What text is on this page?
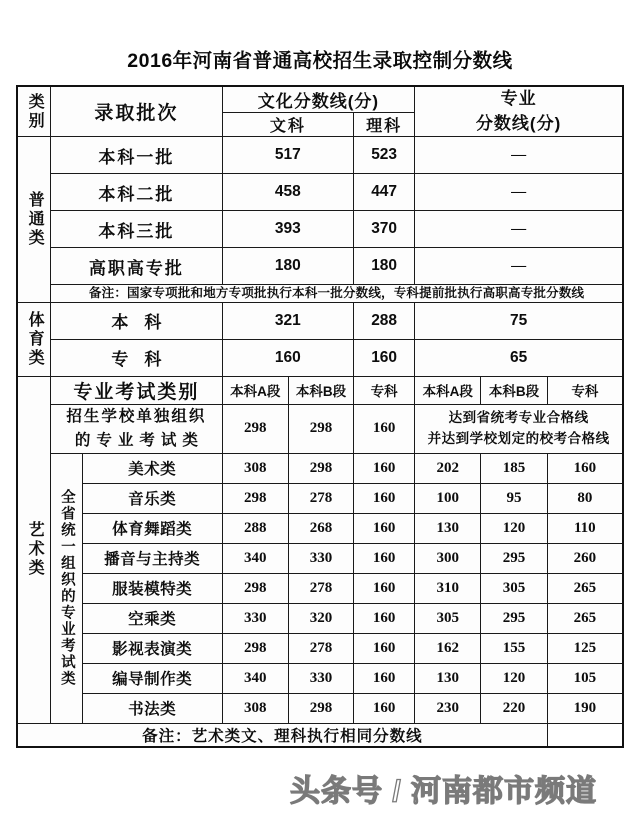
2016年河南省普通高校招生录取控制分数线
类别	录取批次		文化分数线(分)			专业
分数线(分)		
			文科		理科			

普通类	本科一批		517		523	—		
	本科二批		458		447	—		
	本科三批		393		370	—		
	高职高专批		180		180	—		
	备注：国家专项批和地方专项批执行本科一批分数线，专科提前批执行高职高专批分数线							

体育类	本科		321		288	75		
	专科		160		160	65		

艺术类	专业考试类别		本科A段	本科B段	专科	本科A段	本科B段	专科
	招生学校单独组织
的专业考试类		298	298	160	达到省统考专业合格线
并达到学校划定的校考合格线		

	全省统一组织的专业考试类	美术类	308	298	160	202	185	160
		音乐类	298	278	160	100	95	80
		体育舞蹈类	288	268	160	130	120	110
		播音与主持类	340	330	160	300	295	260
		服装模特类	298	278	160	310	305	265
		空乘类	330	320	160	305	295	265
		影视表演类	298	278	160	162	155	125
		编导制作类	340	330	160	130	120	105
		书法类	308	298	160	230	220	190
备注：艺术类文、理科执行相同分数线								
头条号 / 河南都市频道
